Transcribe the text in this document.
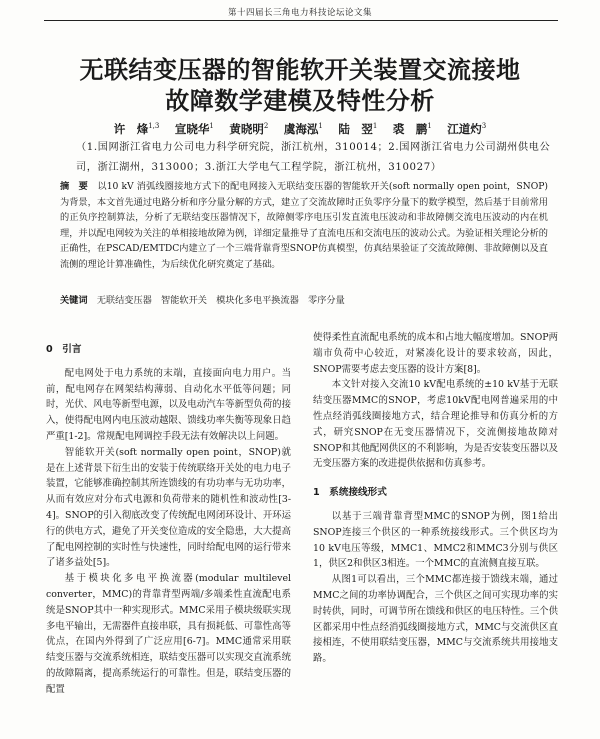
第十四届长三角电力科技论坛论文集
无联结变压器的智能软开关装置交流接地
故障数学建模及特性分析
许　烽$^{1,3}$　 宣晓华$^1$　 黄晓明$^2$　 虞海泓$^1$　 陆　翌$^1$　 裘　鹏$^1$　 江道灼$^3$
（1.国网浙江省电力公司电力科学研究院，浙江杭州，310014；2.国网浙江省电力公司湖州供电公司，浙江湖州，313000；3.浙江大学电气工程学院，浙江杭州，310027）
摘　要　 以10 kV 消弧线圈接地方式下的配电网接入无联结变压器的智能软开关(soft normally open point，SNOP)为背景，本文首先通过电路分析和序分量分解的方式，建立了交流故障时正负零序分量下的数学模型，然后基于目前常用的正负序控制算法，分析了无联结变压器情况下，故障侧零序电压引发直流电压波动和非故障侧交流电压波动的内在机理，并以配电网较为关注的单相接地故障为例，详细定量推导了直流电压和交流电压的波动公式。为验证相关理论分析的正确性，在PSCAD/EMTDC内建立了一个三端背靠背型SNOP仿真模型，仿真结果验证了交流故障侧、非故障侧以及直流侧的理论计算准确性，为后续优化研究奠定了基础。
关键词　 无联结变压器　智能软开关　模块化多电平换流器　零序分量
0　引言

配电网处于电力系统的末端，直接面向电力用户。当前，配电网存在网架结构薄弱、自动化水平低等问题；同时，光伏、风电等新型电源，以及电动汽车等新型负荷的接入，使得配电网内电压波动越限、馈线功率失衡等现象日趋严重[1-2]。常规配电网调控手段无法有效解决以上问题。

智能软开关(soft normally open point，SNOP)就是在上述背景下衍生出的安装于传统联络开关处的电力电子装置，它能够准确控制其所连馈线的有功功率与无功功率，从而有效应对分布式电源和负荷带来的随机性和波动性[3-4]。SNOP的引入彻底改变了传统配电网闭环设计、开环运行的供电方式，避免了开关变位造成的安全隐患，大大提高了配电网控制的实时性与快速性，同时给配电网的运行带来了诸多益处[5]。

基于模块化多电平换流器(modular multilevel converter，MMC)的背靠背型两端/多端柔性直流配电系统是SNOP其中一种实现形式。MMC采用子模块级联实现多电平输出，无需器件直接串联，具有损耗低、可靠性高等优点，在国内外得到了广泛应用[6-7]。MMC通常采用联结变压器与交流系统相连，联结变压器可以实现交直流系统的故障隔离，提高系统运行的可靠性。但是，联结变压器的配置

使得柔性直流配电系统的成本和占地大幅度增加。SNOP两端市负荷中心较近，对紧凑化设计的要求较高，因此，SNOP需要考虑去变压器的设计方案[8]。

本文针对接入交流10 kV配电系统的±10 kV基于无联结变压器MMC的SNOP，考虑10kV配电网普遍采用的中性点经消弧线圈接地方式，结合理论推导和仿真分析的方式，研究SNOP在无变压器情况下，交流侧接地故障对SNOP和其他配网供区的不利影响，为是否安装变压器以及无变压器方案的改进提供依据和仿真参考。

1　系统接线形式

以基于三端背靠背型MMC的SNOP为例，图1给出SNOP连接三个供区的一种系统接线形式。三个供区均为10 kV电压等级，MMC1、MMC2和MMC3分别与供区1，供区2和供区3相连。一个MMC的直流侧直接互联。

从图1可以看出，三个MMC都连接于馈线末端，通过MMC之间的功率协调配合，三个供区之间可实现功率的实时转供，同时，可调节所在馈线和供区的电压特性。三个供区都采用中性点经消弧线圈接地方式，MMC与交流供区直接相连，不使用联结变压器，MMC与交流系统共用接地支路。
